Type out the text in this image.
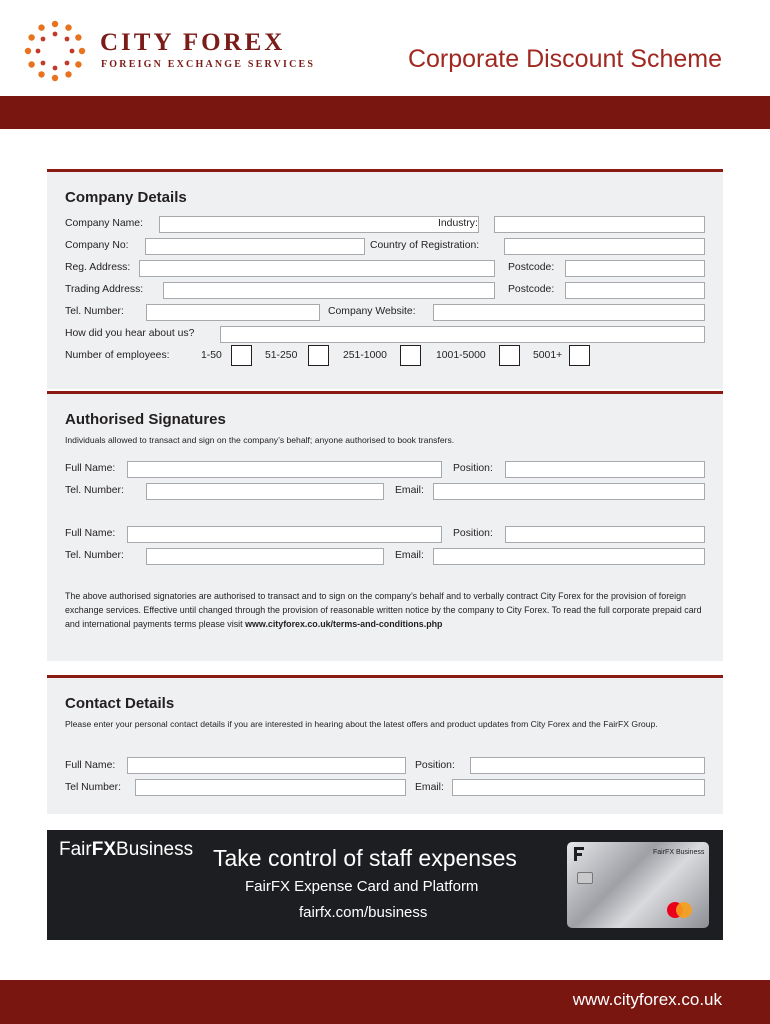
CITY FOREX
FOREIGN EXCHANGE SERVICES	Corporate Discount Scheme
Company Details
Company Name:	Industry:
Company No:	Country of Registration:
Reg. Address:	Postcode:
Trading Address:	Postcode:
Tel. Number:	Company Website:
How did you hear about us?
Number of employees:	1-50	51-250	251-1000	1001-5000	5001+
Authorised Signatures
Individuals allowed to transact and sign on the company’s behalf; anyone authorised to book transfers.
Full Name:	Position:
Tel. Number:	Email:
Full Name:	Position:
Tel. Number:	Email:
The above authorised signatories are authorised to transact and to sign on the company’s behalf and to verbally contract City Forex for the provision of foreign exchange services. Effective until changed through the provision of reasonable written notice by the company to City Forex. To read the full corporate prepaid card and international payments terms please visit www.cityforex.co.uk/terms-and-conditions.php
Contact Details
Please enter your personal contact details if you are interested in hearing about the latest offers and product updates from City Forex and the FairFX Group.
Full Name:	Position:
Tel Number:	Email:
FairFXBusiness Take control of staff expenses
FairFX Expense Card and Platform
fairfx.com/business
FairFX Business
www.cityforex.co.uk
